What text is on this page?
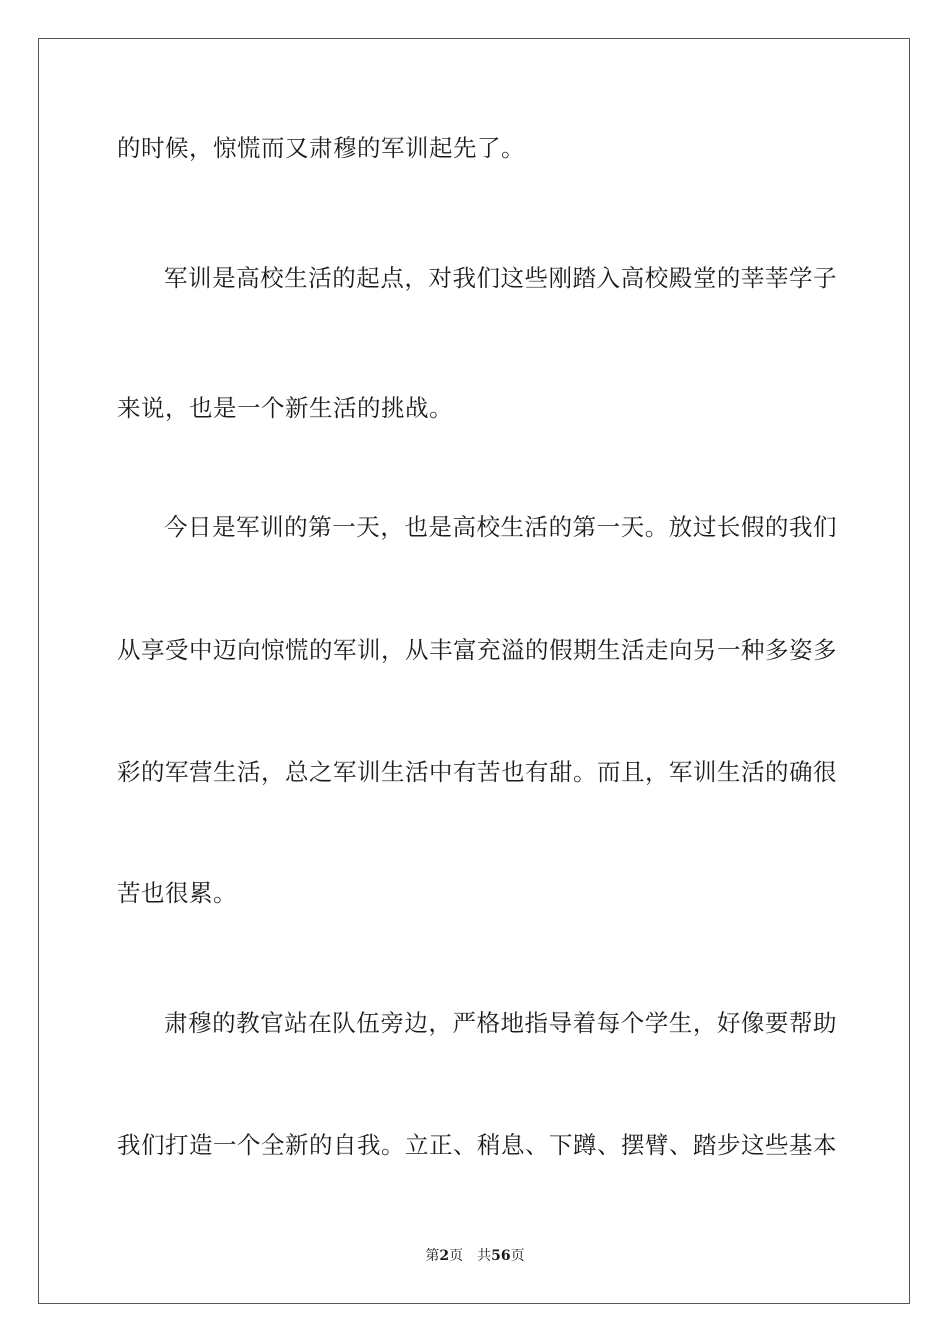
的时候，惊慌而又肃穆的军训起先了。
军训是高校生活的起点，对我们这些刚踏入高校殿堂的莘莘学子
来说，也是一个新生活的挑战。
今日是军训的第一天，也是高校生活的第一天。放过长假的我们
从享受中迈向惊慌的军训，从丰富充溢的假期生活走向另一种多姿多
彩的军营生活，总之军训生活中有苦也有甜。而且，军训生活的确很
苦也很累。
肃穆的教官站在队伍旁边，严格地指导着每个学生，好像要帮助
我们打造一个全新的自我。立正、稍息、下蹲、摆臂、踏步这些基本
第2页 共56页
